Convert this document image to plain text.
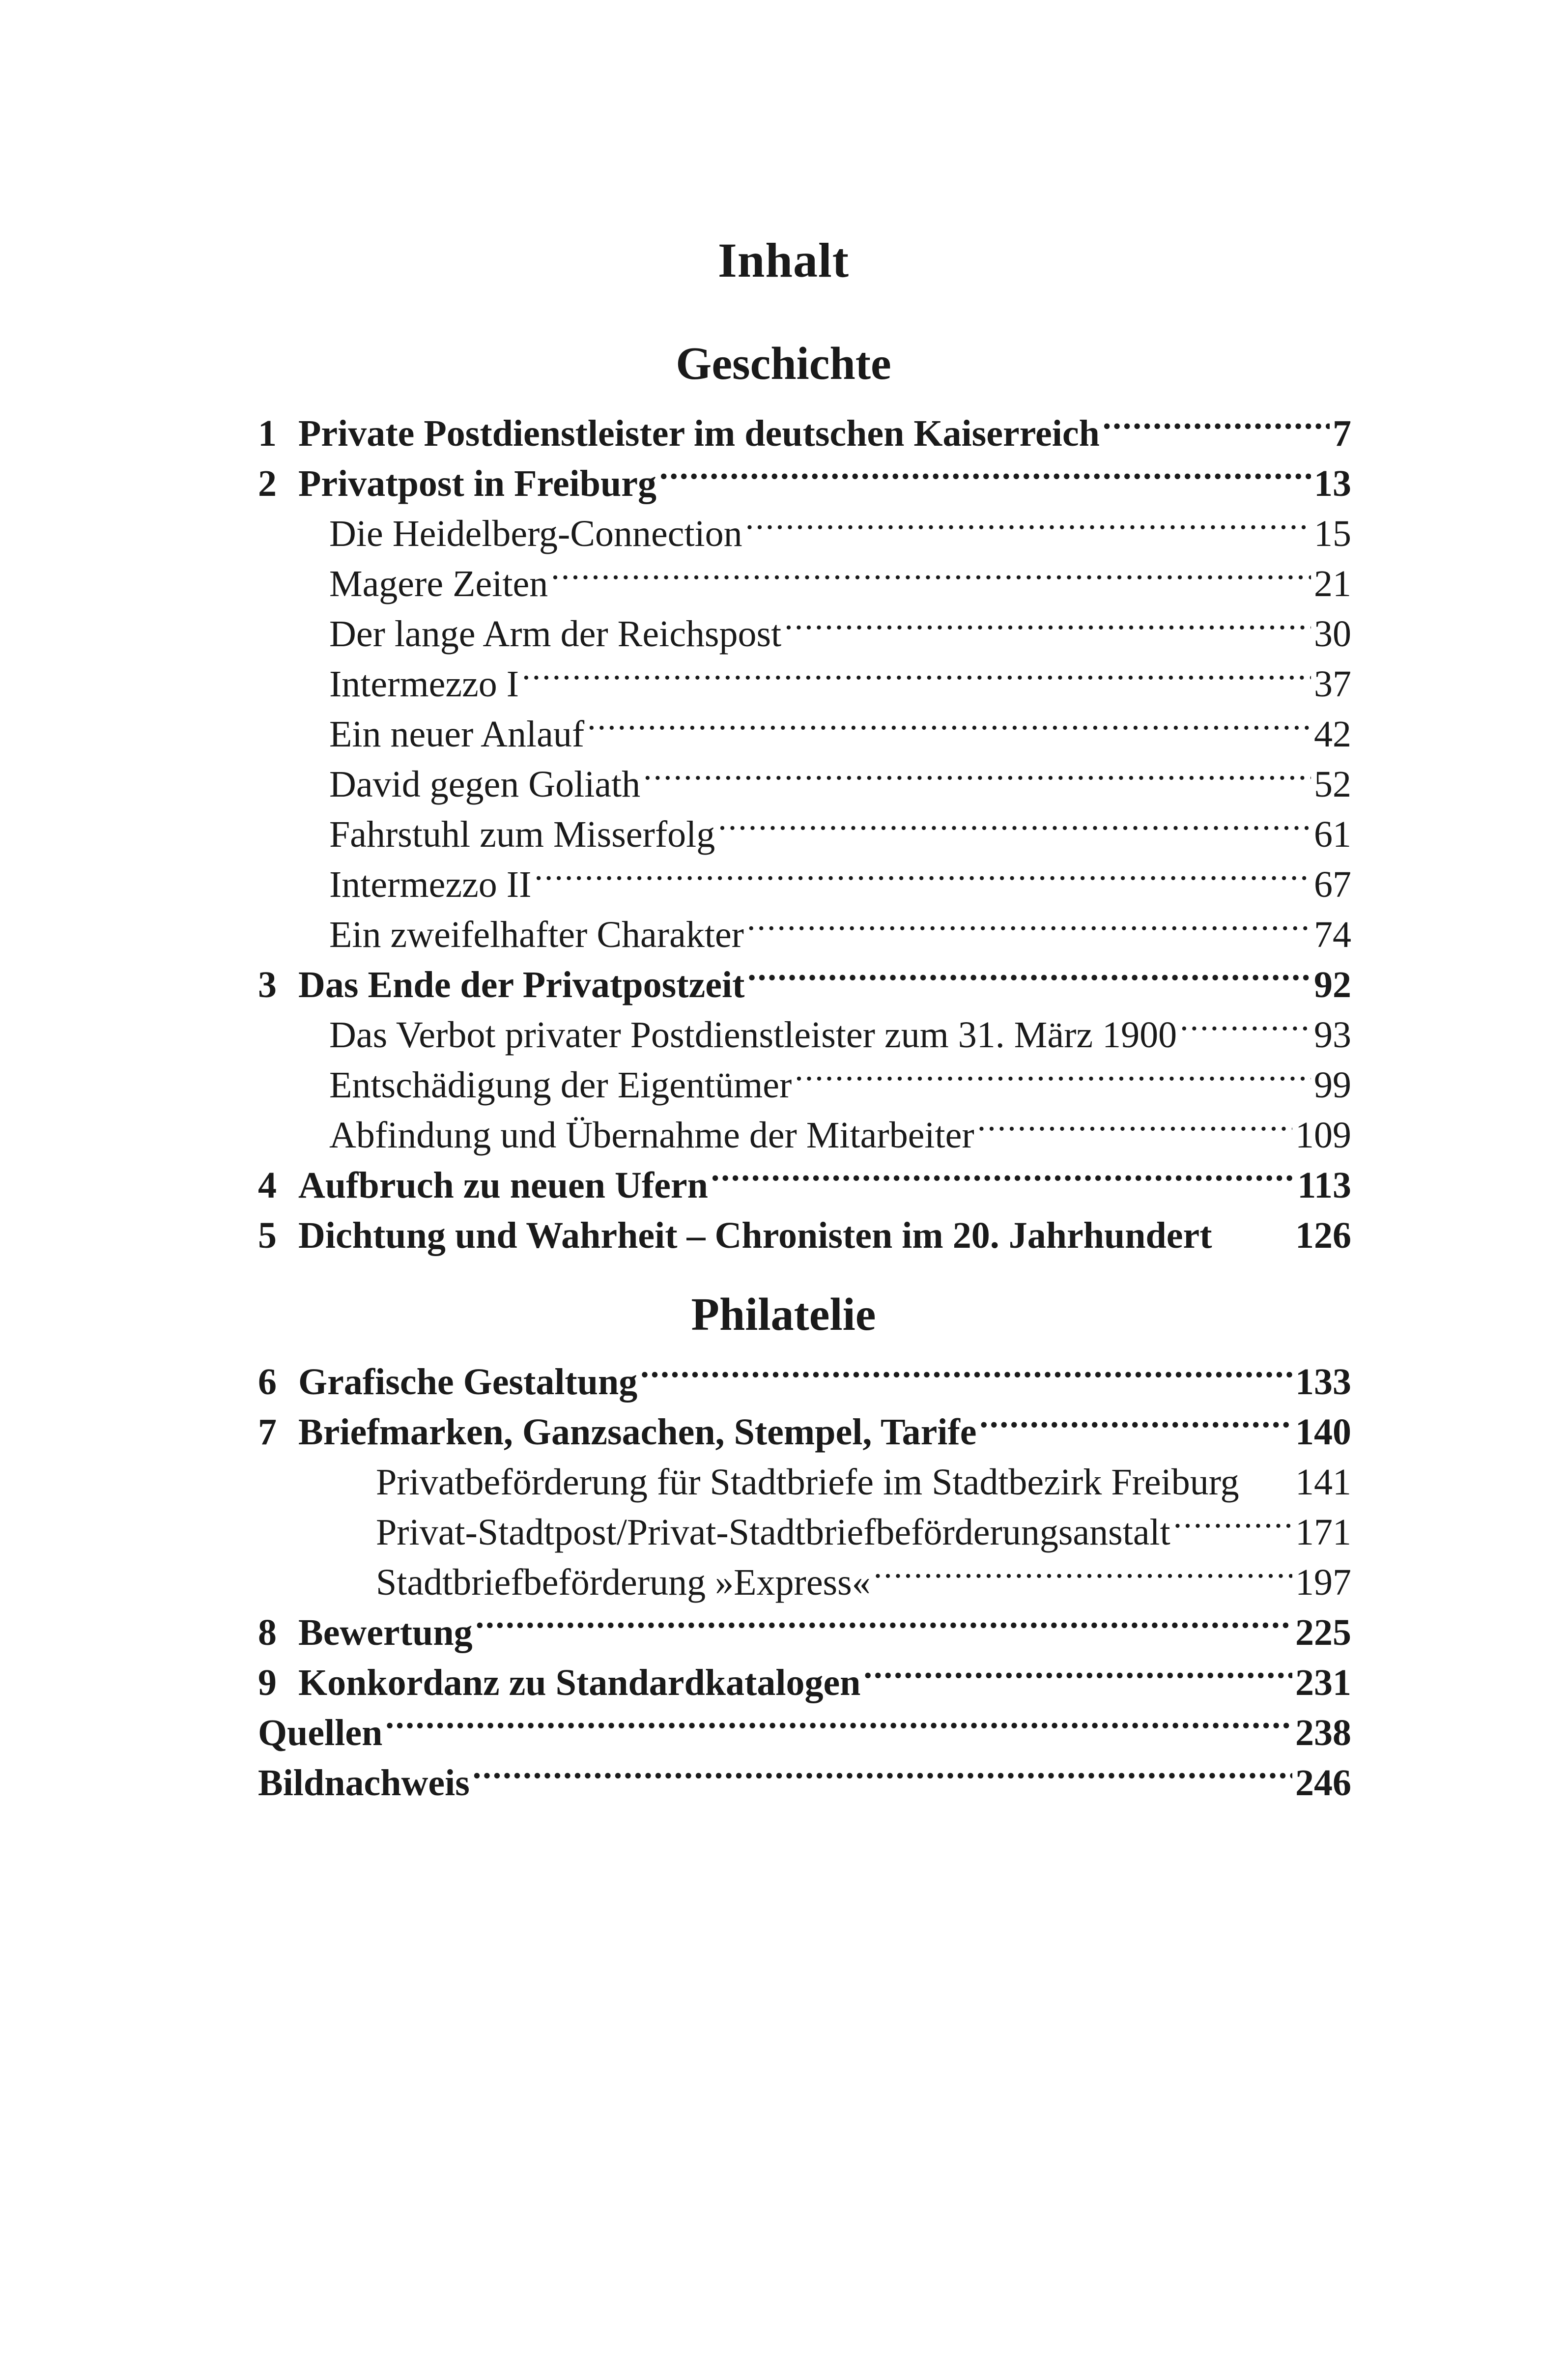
Inhalt
Geschichte
1 Private Postdienstleister im deutschen Kaiserreich .....	7
2 Privatpost in Freiburg .....	13
Die Heidelberg-Connection .....	15
Magere Zeiten .....	21
Der lange Arm der Reichspost .....	30
Intermezzo I .....	37
Ein neuer Anlauf .....	42
David gegen Goliath .....	52
Fahrstuhl zum Misserfolg .....	61
Intermezzo II .....	67
Ein zweifelhafter Charakter .....	74
3 Das Ende der Privatpostzeit .....	92
Das Verbot privater Postdienstleister zum 31. März 1900 .....	93
Entschädigung der Eigentümer .....	99
Abfindung und Übernahme der Mitarbeiter .....	109
4 Aufbruch zu neuen Ufern .....	113
5 Dichtung und Wahrheit – Chronisten im 20. Jahrhundert 126
Philatelie
6 Grafische Gestaltung .....	133
7 Briefmarken, Ganzsachen, Stempel, Tarife .....	140
Privatbeförderung für Stadtbriefe im Stadtbezirk Freiburg 141
Privat-Stadtpost/Privat-Stadtbriefbeförderungsanstalt .....	171
Stadtbriefbeförderung »Express« .....	197
8 Bewertung .....	225
9 Konkordanz zu Standardkatalogen .....	231
Quellen .....	238
Bildnachweis .....	246
